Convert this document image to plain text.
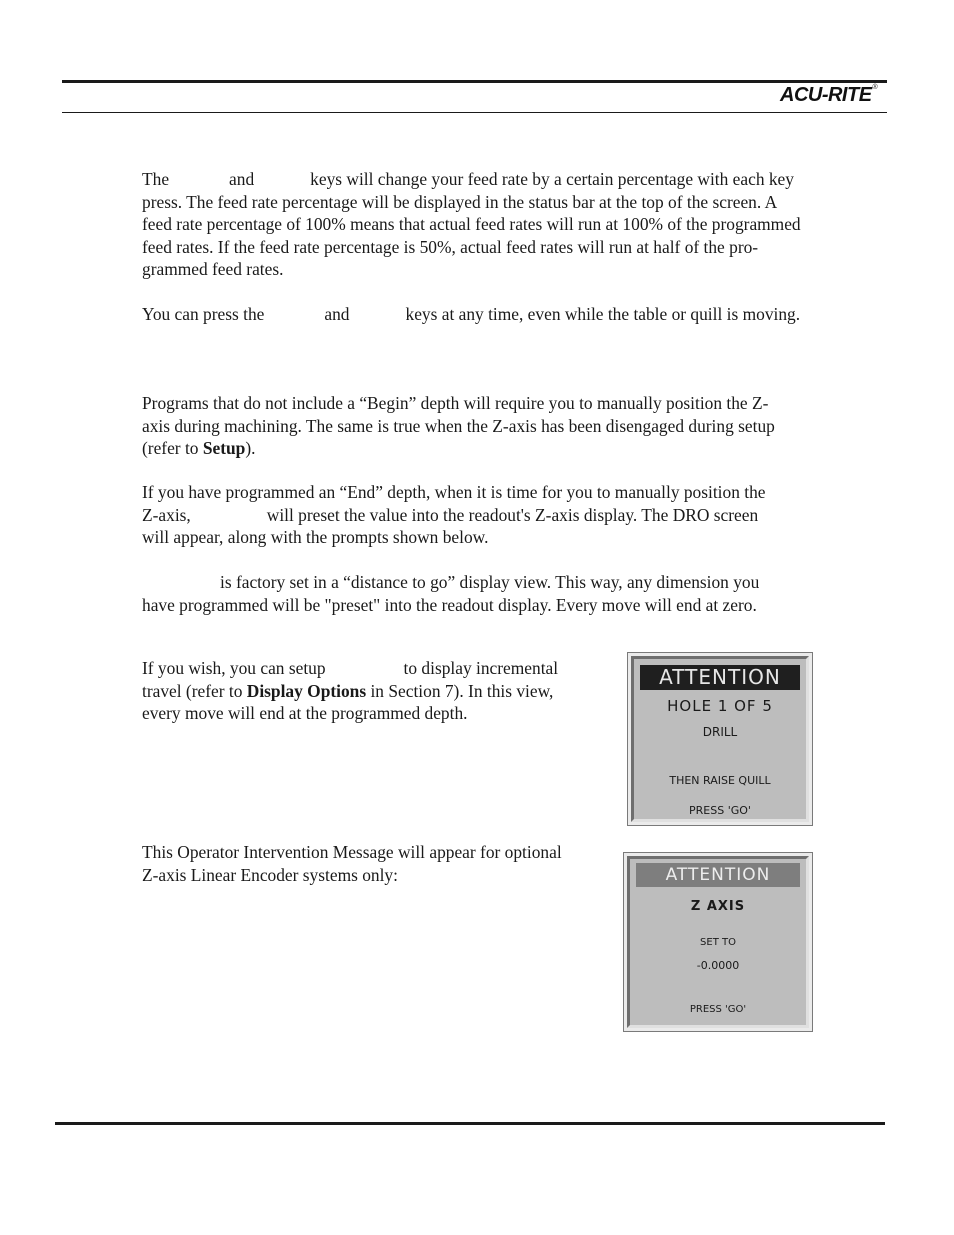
ACU-RITE®
The	and	keys will change your feed rate by a certain percentage with each key
press. The feed rate percentage will be displayed in the status bar at the top of the screen. A
feed rate percentage of 100% means that actual feed rates will run at 100% of the programmed
feed rates. If the feed rate percentage is 50%, actual feed rates will run at half of the pro-
grammed feed rates.
You can press the	and	keys at any time, even while the table or quill is moving.
Programs that do not include a “Begin” depth will require you to manually position the Z-
axis during machining. The same is true when the Z-axis has been disengaged during setup
(refer to Setup).
If you have programmed an “End” depth, when it is time for you to manually position the
Z-axis,	will preset the value into the readout's Z-axis display. The DRO screen
will appear, along with the prompts shown below.
is factory set in a “distance to go” display view. This way, any dimension you
have programmed will be "preset" into the readout display. Every move will end at zero.
If you wish, you can setup	to display incremental
travel (refer to Display Options in Section 7). In this view,
every move will end at the programmed depth.
This Operator Intervention Message will appear for optional
Z-axis Linear Encoder systems only:
ATTENTION
HOLE 1 OF 5
DRILL
THEN RAISE QUILL
PRESS 'GO'
ATTENTION
Z AXIS
SET TO
-0.0000
PRESS 'GO'
